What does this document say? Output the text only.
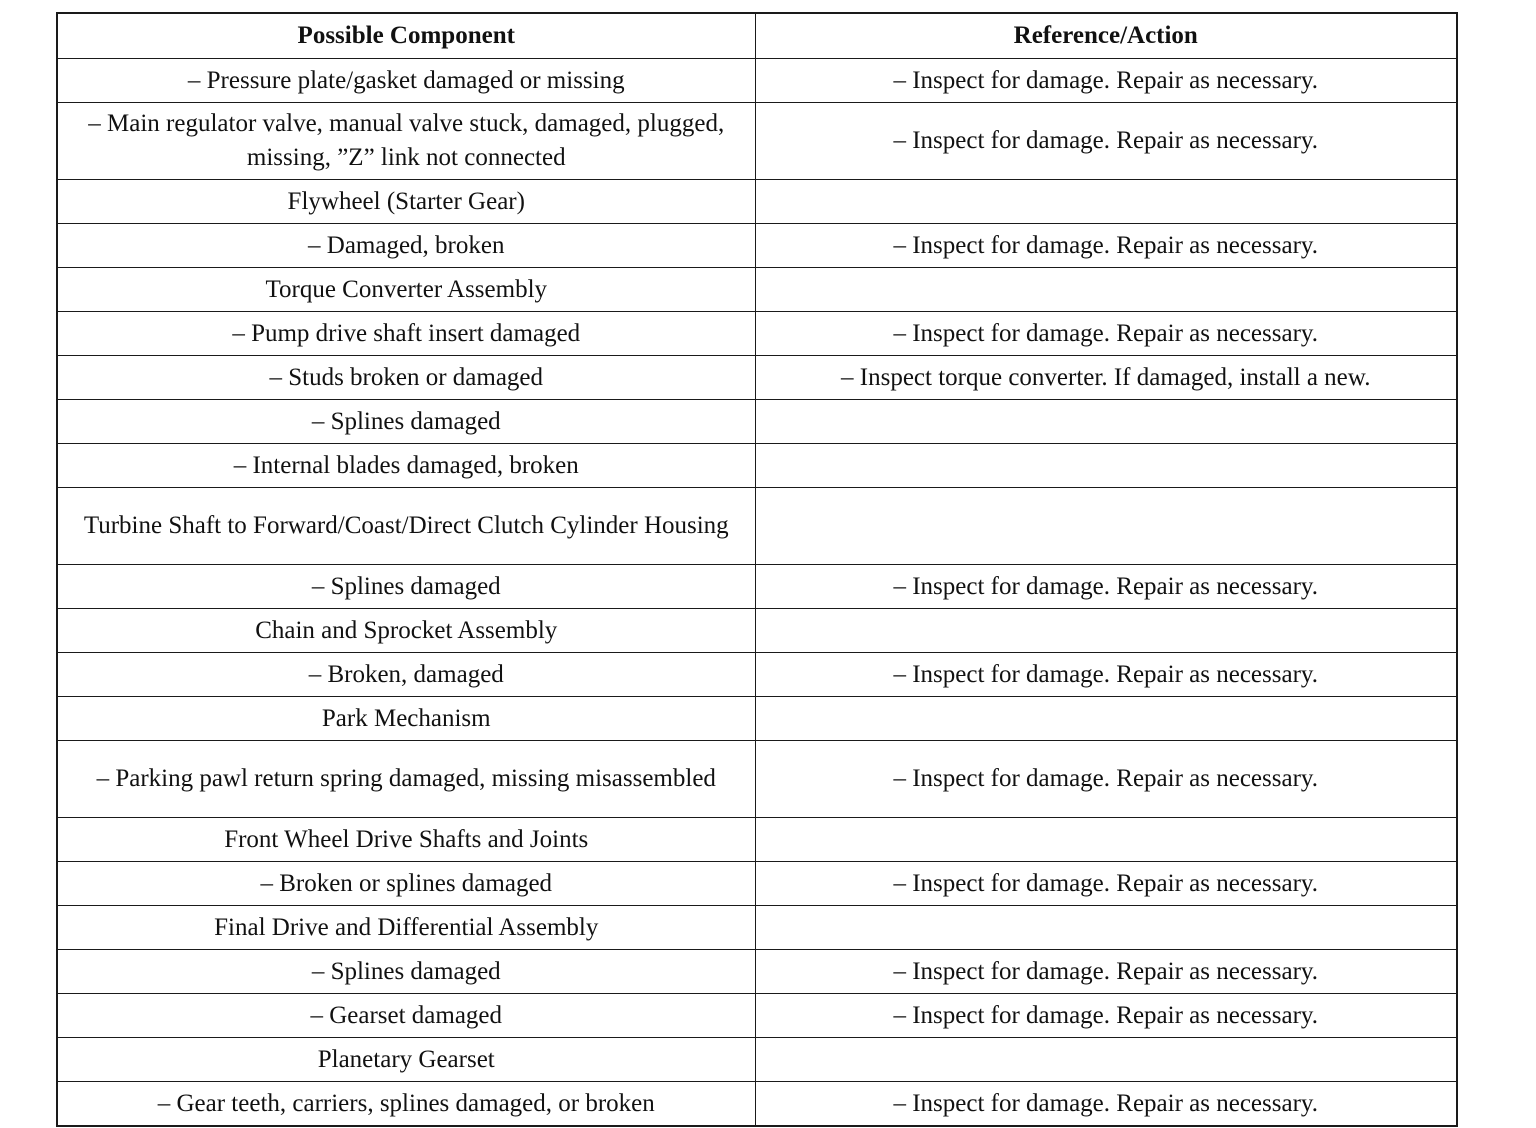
Possible Component	Reference/Action
– Pressure plate/gasket damaged or missing	– Inspect for damage. Repair as necessary.
– Main regulator valve, manual valve stuck, damaged, plugged, missing, ”Z” link not connected	– Inspect for damage. Repair as necessary.
Flywheel (Starter Gear)	
– Damaged, broken	– Inspect for damage. Repair as necessary.
Torque Converter Assembly	
– Pump drive shaft insert damaged	– Inspect for damage. Repair as necessary.
– Studs broken or damaged	– Inspect torque converter. If damaged, install a new.
– Splines damaged	
– Internal blades damaged, broken	
Turbine Shaft to Forward/Coast/Direct Clutch Cylinder Housing	
– Splines damaged	– Inspect for damage. Repair as necessary.
Chain and Sprocket Assembly	
– Broken, damaged	– Inspect for damage. Repair as necessary.
Park Mechanism	
– Parking pawl return spring damaged, missing misassembled	– Inspect for damage. Repair as necessary.
Front Wheel Drive Shafts and Joints	
– Broken or splines damaged	– Inspect for damage. Repair as necessary.
Final Drive and Differential Assembly	
– Splines damaged	– Inspect for damage. Repair as necessary.
– Gearset damaged	– Inspect for damage. Repair as necessary.
Planetary Gearset	
– Gear teeth, carriers, splines damaged, or broken	– Inspect for damage. Repair as necessary.
